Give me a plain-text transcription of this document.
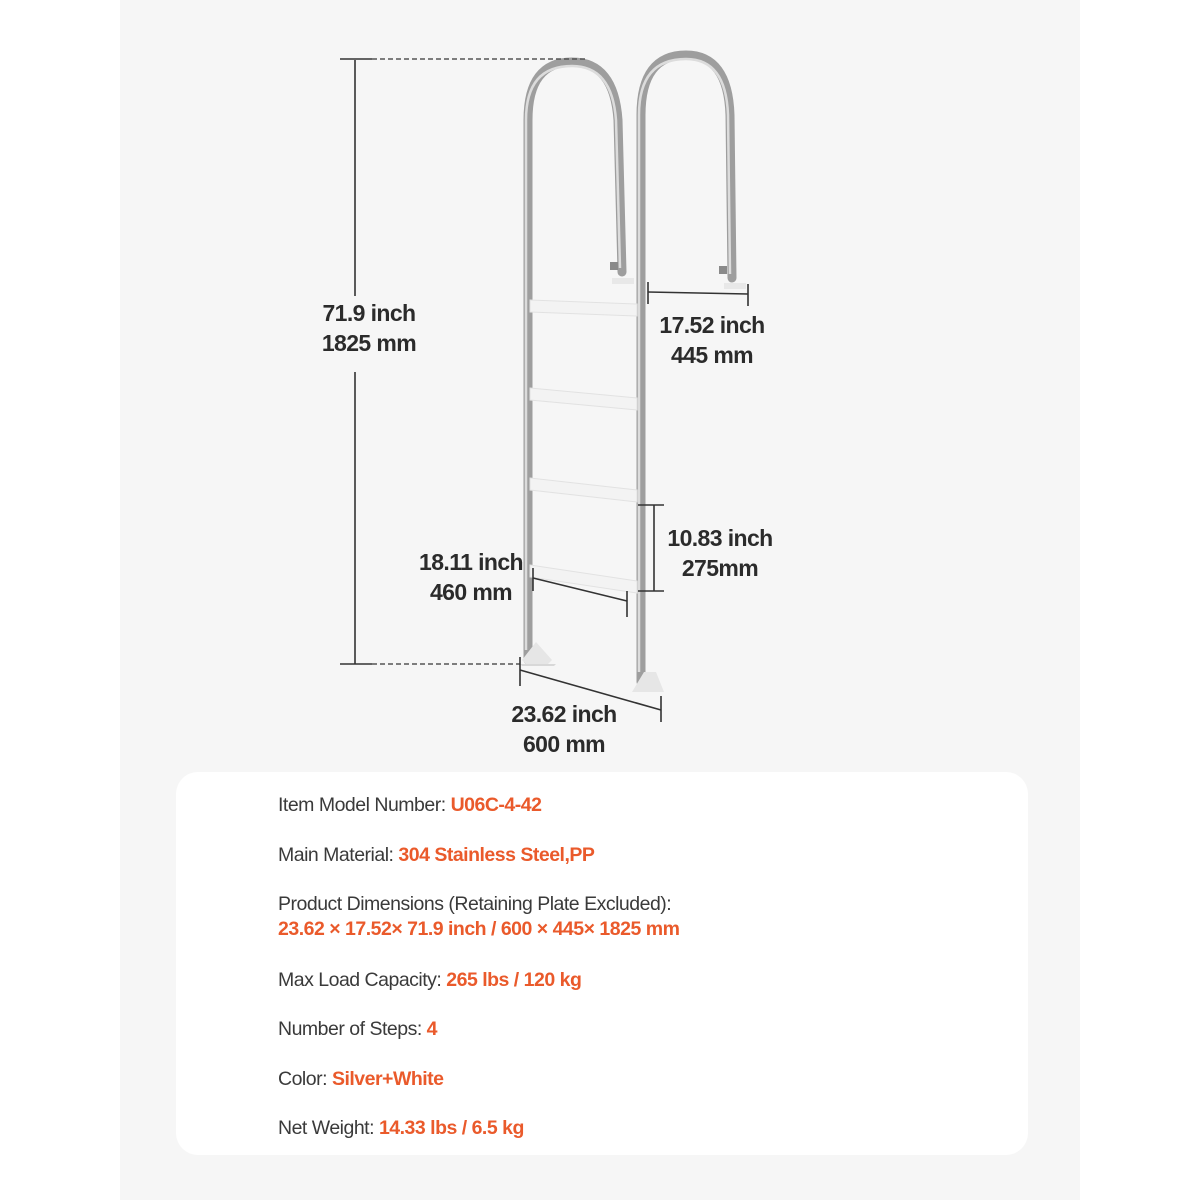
71.9 inch
1825 mm
17.52 inch
445 mm
10.83 inch
275mm
18.11 inch
460 mm
23.62 inch
600 mm
Item Model Number: U06C-4-42
Main Material: 304 Stainless Steel,PP
Product Dimensions (Retaining Plate Excluded):
23.62 × 17.52× 71.9 inch / 600 × 445× 1825 mm
Max Load Capacity: 265 lbs / 120 kg
Number of Steps: 4
Color: Silver+White
Net Weight: 14.33 lbs / 6.5 kg
